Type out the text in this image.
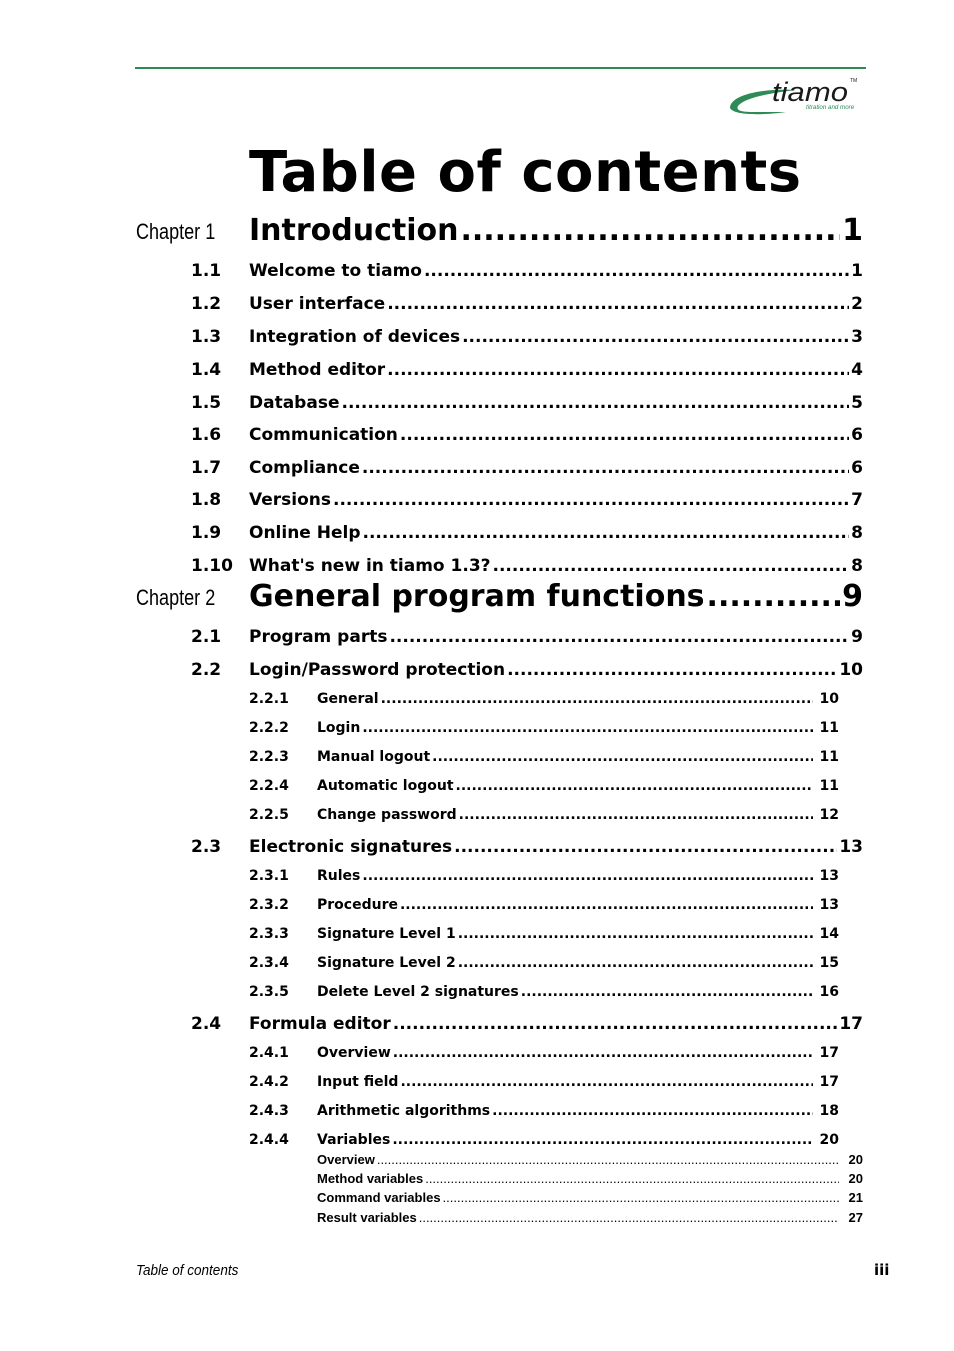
tiamo TM
titration and more
Table of contents
Chapter 1 Introduction .....	1
1.1 Welcome to tiamo .....	1
1.2 User interface .....	2
1.3 Integration of devices .....	3
1.4 Method editor .....	4
1.5 Database .....	5
1.6 Communication .....	6
1.7 Compliance .....	6
1.8 Versions .....	7
1.9 Online Help .....	8
1.10 What's new in tiamo 1.3? .....	8
Chapter 2 General program functions .....	9
2.1 Program parts .....	9
2.2 Login/Password protection .....	10
2.2.1 General .....	10
2.2.2 Login .....	11
2.2.3 Manual logout .....	11
2.2.4 Automatic logout .....	11
2.2.5 Change password .....	12
2.3 Electronic signatures .....	13
2.3.1 Rules .....	13
2.3.2 Procedure .....	13
2.3.3 Signature Level 1 .....	14
2.3.4 Signature Level 2 .....	15
2.3.5 Delete Level 2 signatures .....	16
2.4 Formula editor .....	17
2.4.1 Overview .....	17
2.4.2 Input field .....	17
2.4.3 Arithmetic algorithms .....	18
2.4.4 Variables .....	20
Overview .....	20
Method variables .....	20
Command variables .....	21
Result variables .....	27
Table of contents	iii
